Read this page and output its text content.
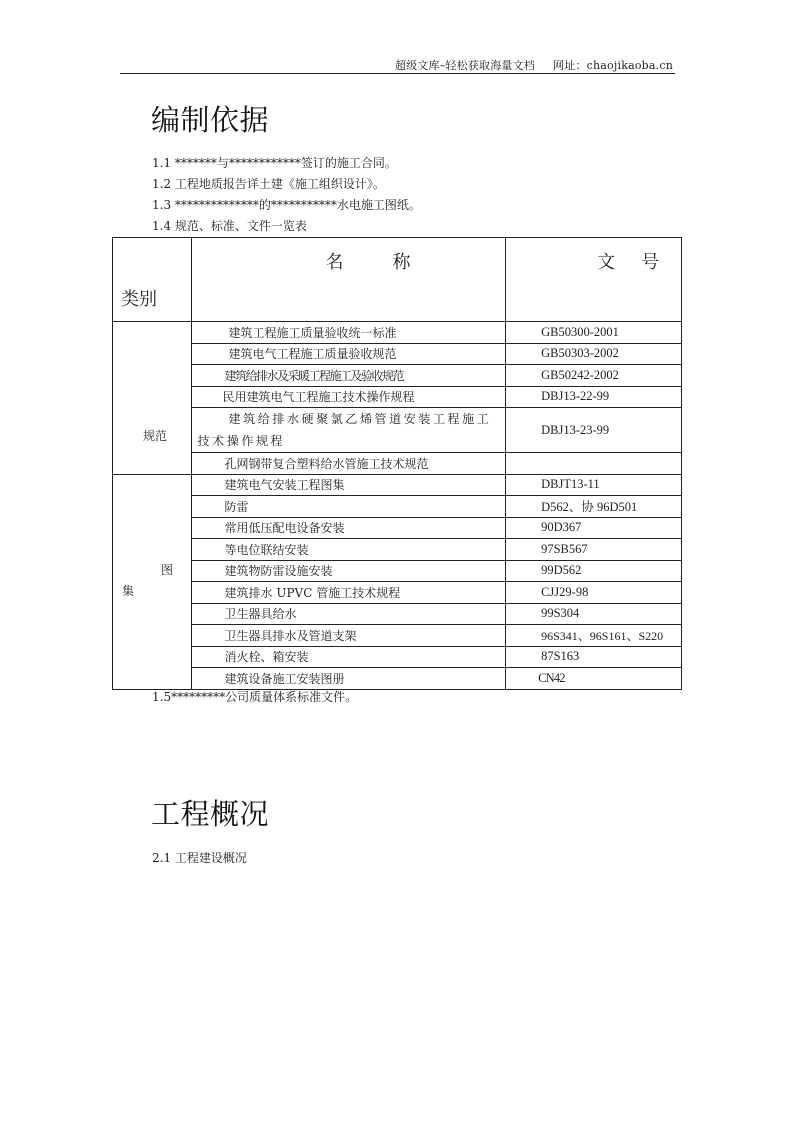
超级文库–轻松获取海量文档 网址：chaojikaoba.cn
编制依据
1.1 *******与************签订的施工合同。
1.2 工程地质报告详土建《施工组织设计》。
1.3 **************的***********水电施工图纸。
1.4 规范、标准、文件一览表
类别	名 称	文 号

规范	建筑工程施工质量验收统一标准	GB50300-2001
	建筑电气工程施工质量验收规范	GB50303-2002
	建筑给排水及采暖工程施工及验收规范	GB50242-2002
	民用建筑电气工程施工技术操作规程	DBJ13-22-99
	建筑给排水硬聚氯乙烯管道安装工程施工技术操作规程	DBJ13-23-99
	孔网钢带复合塑料给水管施工技术规范	

图
集	建筑电气安装工程图集	DBJT13-11
	防雷	D562、协 96D501
	常用低压配电设备安装	90D367
	等电位联结安装	97SB567
	建筑物防雷设施安装	99D562
	建筑排水 UPVC 管施工技术规程	CJJ29-98
	卫生器具给水	99S304
	卫生器具排水及管道支架	96S341、96S161、S220
	消火栓、箱安装	87S163
	建筑设备施工安装图册	CN42
1.5*********公司质量体系标准文件。
工程概况
2.1 工程建设概况
